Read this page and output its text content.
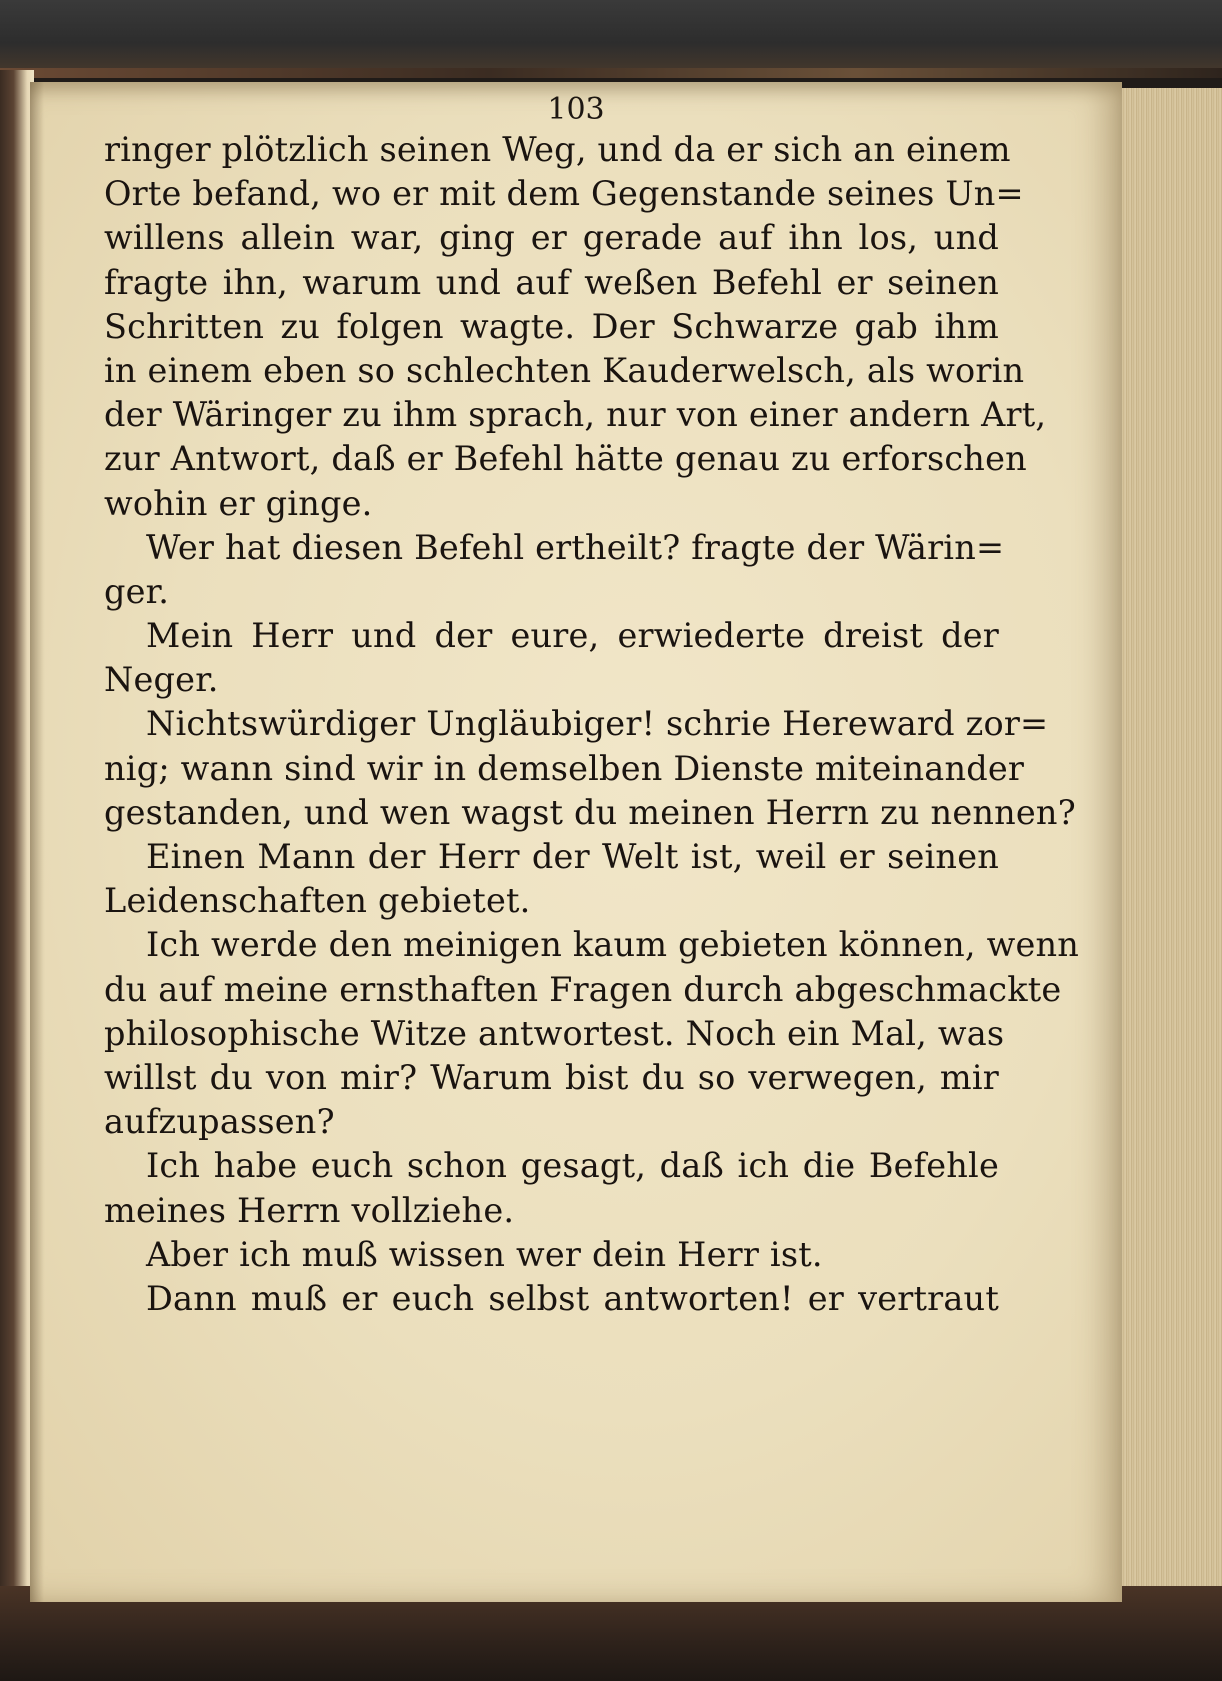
103
ringer plötzlich seinen Weg, und da er sich an einem
Orte befand, wo er mit dem Gegenstande seines Un=
willens allein war, ging er gerade auf ihn los, und
fragte ihn, warum und auf weßen Befehl er seinen
Schritten zu folgen wagte. Der Schwarze gab ihm
in einem eben so schlechten Kauderwelsch, als worin
der Wäringer zu ihm sprach, nur von einer andern Art,
zur Antwort, daß er Befehl hätte genau zu erforschen
wohin er ginge.
Wer hat diesen Befehl ertheilt? fragte der Wärin=
ger.
Mein Herr und der eure, erwiederte dreist der
Neger.
Nichtswürdiger Ungläubiger! schrie Hereward zor=
nig; wann sind wir in demselben Dienste miteinander
gestanden, und wen wagst du meinen Herrn zu nennen?
Einen Mann der Herr der Welt ist, weil er seinen
Leidenschaften gebietet.
Ich werde den meinigen kaum gebieten können, wenn
du auf meine ernsthaften Fragen durch abgeschmackte
philosophische Witze antwortest. Noch ein Mal, was
willst du von mir? Warum bist du so verwegen, mir
aufzupassen?
Ich habe euch schon gesagt, daß ich die Befehle
meines Herrn vollziehe.
Aber ich muß wissen wer dein Herr ist.
Dann muß er euch selbst antworten! er vertraut
